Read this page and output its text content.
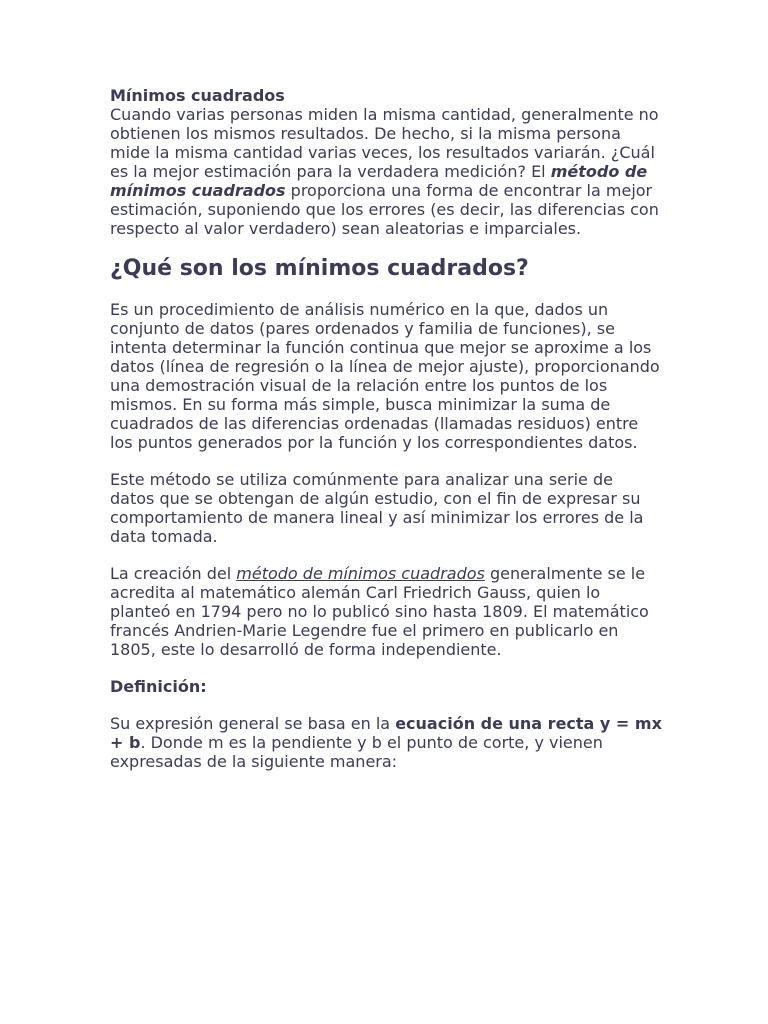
Mínimos cuadrados
Cuando varias personas miden la misma cantidad, generalmente no obtienen los mismos resultados. De hecho, si la misma persona mide la misma cantidad varias veces, los resultados variarán. ¿Cuál es la mejor estimación para la verdadera medición? El método de mínimos cuadrados proporciona una forma de encontrar la mejor estimación, suponiendo que los errores (es decir, las diferencias con respecto al valor verdadero) sean aleatorias e imparciales.

¿Qué son los mínimos cuadrados?

Es un procedimiento de análisis numérico en la que, dados un conjunto de datos (pares ordenados y familia de funciones), se intenta determinar la función continua que mejor se aproxime a los datos (línea de regresión o la línea de mejor ajuste), proporcionando una demostración visual de la relación entre los puntos de los mismos. En su forma más simple, busca minimizar la suma de cuadrados de las diferencias ordenadas (llamadas residuos) entre los puntos generados por la función y los correspondientes datos.

Este método se utiliza comúnmente para analizar una serie de datos que se obtengan de algún estudio, con el fin de expresar su comportamiento de manera lineal y así minimizar los errores de la data tomada.

La creación del método de mínimos cuadrados generalmente se le acredita al matemático alemán Carl Friedrich Gauss, quien lo planteó en 1794 pero no lo publicó sino hasta 1809. El matemático francés Andrien-Marie Legendre fue el primero en publicarlo en 1805, este lo desarrolló de forma independiente.

Definición:

Su expresión general se basa en la ecuación de una recta y = mx + b. Donde m es la pendiente y b el punto de corte, y vienen expresadas de la siguiente manera:
